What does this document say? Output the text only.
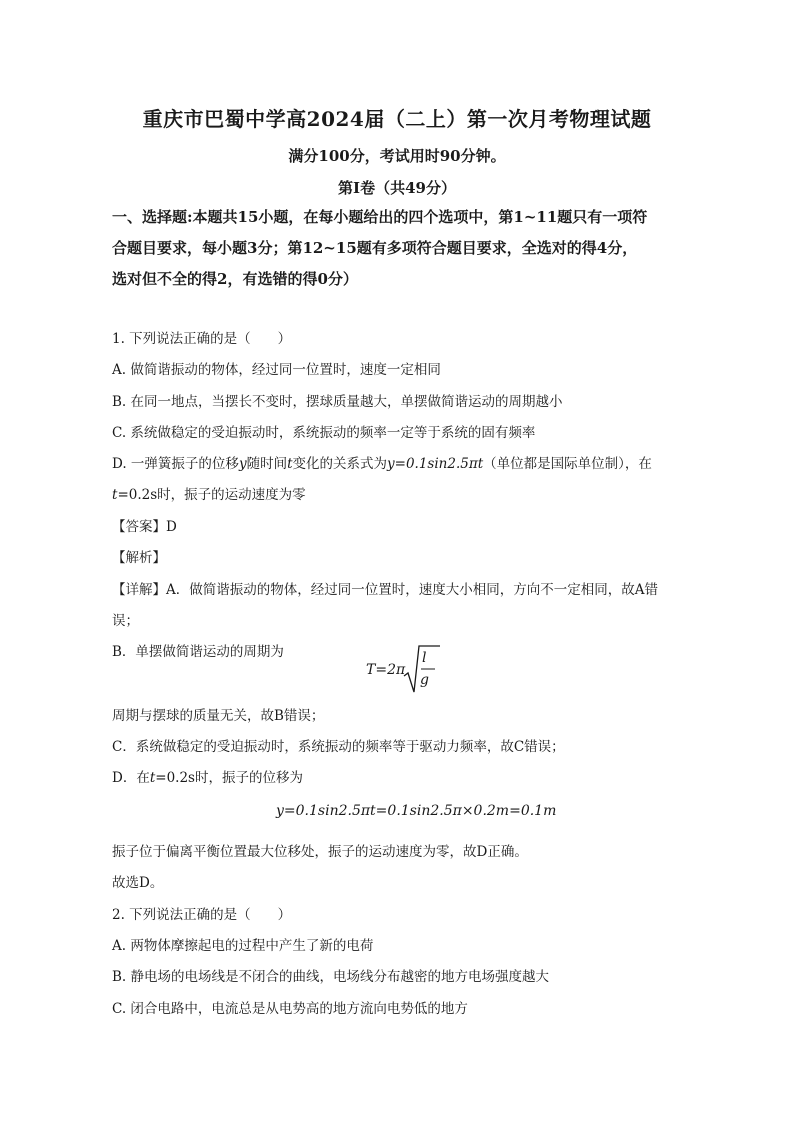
重庆市巴蜀中学高2024届（二上）第一次月考物理试题
满分100分，考试用时90分钟。
第I卷（共49分）
一、选择题:本题共15小题，在每小题给出的四个选项中，第1~11题只有一项符
合题目要求，每小题3分；第12~15题有多项符合题目要求，全选对的得4分，
选对但不全的得2，有选错的得0分）
1. 下列说法正确的是（　　）
A. 做简谐振动的物体，经过同一位置时，速度一定相同
B. 在同一地点，当摆长不变时，摆球质量越大，单摆做简谐运动的周期越小
C. 系统做稳定的受迫振动时，系统振动的频率一定等于系统的固有频率
D. 一弹簧振子的位移y随时间t变化的关系式为y=0.1sin2.5πt（单位都是国际单位制），在
t=0.2s时，振子的运动速度为零
【答案】D
【解析】
【详解】A．做简谐振动的物体，经过同一位置时，速度大小相同，方向不一定相同，故A错
误；
B．单摆做简谐运动的周期为
T=2π
l
g
周期与摆球的质量无关，故B错误；
C．系统做稳定的受迫振动时，系统振动的频率等于驱动力频率，故C错误；
D．在t=0.2s时，振子的位移为
y=0.1sin2.5πt=0.1sin2.5π×0.2m=0.1m
振子位于偏离平衡位置最大位移处，振子的运动速度为零，故D正确。
故选D。
2. 下列说法正确的是（　　）
A. 两物体摩擦起电的过程中产生了新的电荷
B. 静电场的电场线是不闭合的曲线，电场线分布越密的地方电场强度越大
C. 闭合电路中，电流总是从电势高的地方流向电势低的地方
